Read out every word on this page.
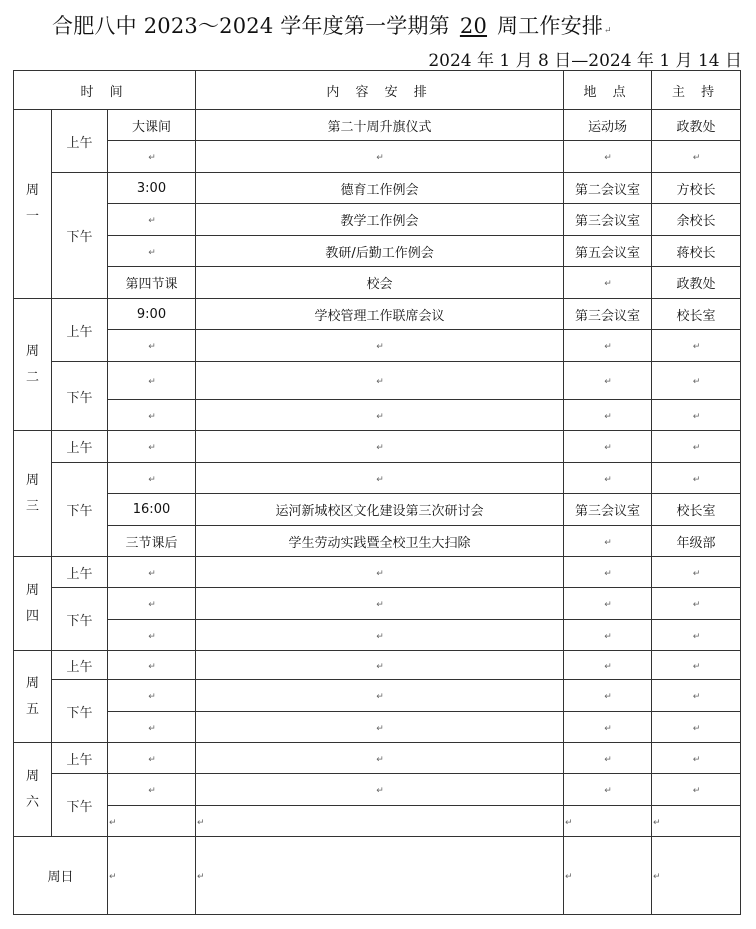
合肥八中 2023～2024 学年度第一学期第 20 周工作安排↵
2024 年 1 月 8 日—2024 年 1 月 14 日
时 间			内 容 安 排	地 点	主 持

周
一	上午	大课间	第二十周升旗仪式	运动场	政教处
		↵	↵	↵	↵
	下午	3:00	德育工作例会	第二会议室	方校长
		↵	教学工作例会	第三会议室	余校长
		↵	教研/后勤工作例会	第五会议室	蒋校长
		第四节课	校会	↵	政教处

周
二	上午	9:00	学校管理工作联席会议	第三会议室	校长室
		↵	↵	↵	↵
	下午	↵	↵	↵	↵
		↵	↵	↵	↵

周
三	上午	↵	↵	↵	↵
	下午	↵	↵	↵	↵
		16:00	运河新城校区文化建设第三次研讨会	第三会议室	校长室
		三节课后	学生劳动实践暨全校卫生大扫除	↵	年级部

周
四	上午	↵	↵	↵	↵
	下午	↵	↵	↵	↵
		↵	↵	↵	↵

周
五	上午	↵	↵	↵	↵
	下午	↵	↵	↵	↵
		↵	↵	↵	↵

周
六	上午	↵	↵	↵	↵
	下午	↵	↵	↵	↵
		↵	↵	↵	↵
周日		↵	↵	↵	↵
